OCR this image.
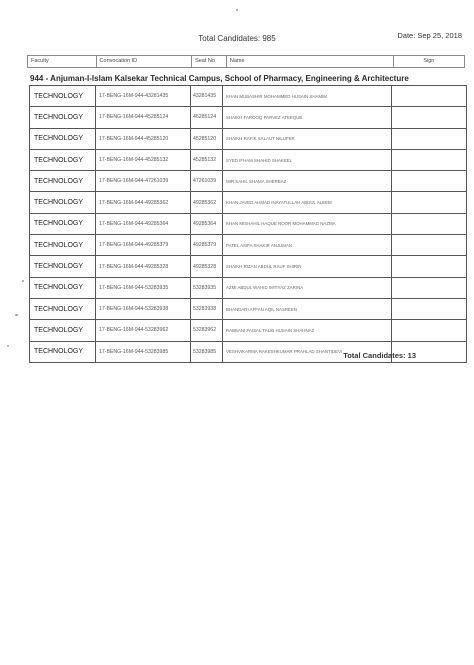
Total Candidates: 985	Date: Sep 25, 2018
Faculty	Convocation ID	Seat No	Name	Sign
944 - Anjuman-I-Islam Kalsekar Technical Campus, School of Pharmacy, Engineering & Architecture
TECHNOLOGY	17-BENG-16M-944-43281435	43281435	KHAN MUBASHIR MOHAMMED HUSAIN SHAMIM
TECHNOLOGY	17-BENG-16M-944-45285124	45285124	SHAIKH FAROOQ PARVEZ ATEEQUE
TECHNOLOGY	17-BENG-16M-944-45285120	45285120	SHAIKH RAFIK SALAUT NILUFER
TECHNOLOGY	17-BENG-16M-944-45285132	45285132	SYED IFHAM SHAHID SHAKEEL
TECHNOLOGY	17-BENG-16M-944-47261039	47261039	MIR SAHIL SHAMA SHERBAZ
TECHNOLOGY	17-BENG-16M-944-49285362	49285362	KHAN JAVED AHMAD INAYATULLAH ABDUL ALEEM
TECHNOLOGY	17-BENG-16M-944-49285364	49285364	KHAN MISHAHIL HAQUE NOOR MOHAMMAD NAZMA
TECHNOLOGY	17-BENG-16M-944-49285379	49285379	PATEL ASIFA SHAKIR ANJUMAN
TECHNOLOGY	17-BENG-16M-944-49285328	49285328	SHAIKH RIZAN ABDUL RAUF SHIRIN
TECHNOLOGY	17-BENG-16M-944-53283935	53283935	AZMI ABDUL WAHID IMTIYAZ ZARINA
TECHNOLOGY	17-BENG-16M-944-53283938	53283938	BHANDARI AFFAN AQIL NASREEN
TECHNOLOGY	17-BENG-16M-944-53283962	53283962	RABBANI FAISAL TALIB HUSAIN SHAHNAZ
TECHNOLOGY	17-BENG-16M-944-53283985	53283985	VESHVIKARMA RAKESHKUMAR PRAHLAD SHANTIDEVI Total Candidates: 13
